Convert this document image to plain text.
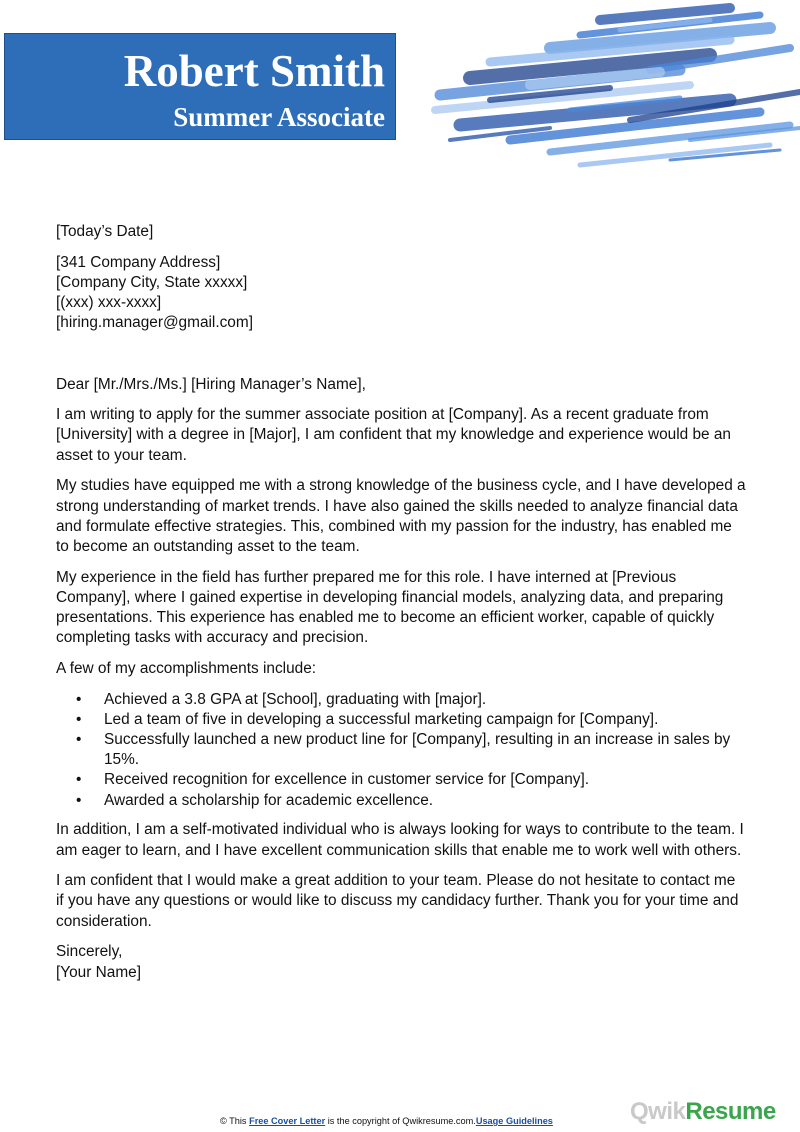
Robert Smith
Summer Associate

[Today’s Date]

[341 Company Address]

[Company City, State xxxxx]

[(xxx) xxx-xxxx]

[hiring.manager@gmail.com]

Dear [Mr./Mrs./Ms.] [Hiring Manager’s Name],

I am writing to apply for the summer associate position at [Company]. As a recent graduate from [University] with a degree in [Major], I am confident that my knowledge and experience would be an asset to your team.

My studies have equipped me with a strong knowledge of the business cycle, and I have developed a strong understanding of market trends. I have also gained the skills needed to analyze financial data and formulate effective strategies. This, combined with my passion for the industry, has enabled me to become an outstanding asset to the team.

My experience in the field has further prepared me for this role. I have interned at [Previous Company], where I gained expertise in developing financial models, analyzing data, and preparing presentations. This experience has enabled me to become an efficient worker, capable of quickly completing tasks with accuracy and precision.

A few of my accomplishments include:

• Achieved a 3.8 GPA at [School], graduating with [major].
• Led a team of five in developing a successful marketing campaign for [Company].
• Successfully launched a new product line for [Company], resulting in an increase in sales by 15%.
• Received recognition for excellence in customer service for [Company].
• Awarded a scholarship for academic excellence.

In addition, I am a self-motivated individual who is always looking for ways to contribute to the team. I am eager to learn, and I have excellent communication skills that enable me to work well with others.

I am confident that I would make a great addition to your team. Please do not hesitate to contact me if you have any questions or would like to discuss my candidacy further. Thank you for your time and consideration.

Sincerely,

[Your Name]

© This Free Cover Letter is the copyright of Qwikresume.com.Usage Guidelines	QwikResume
